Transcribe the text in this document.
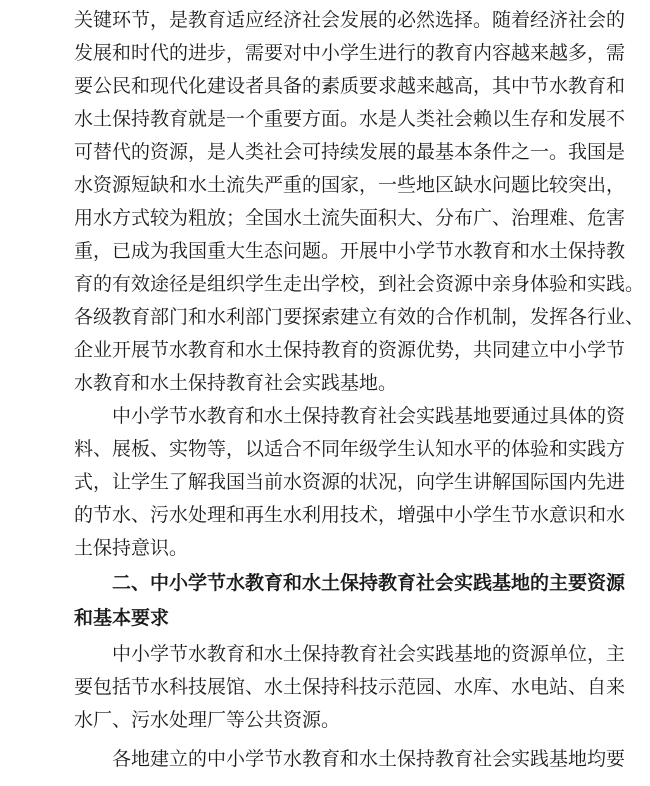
关键环节，是教育适应经济社会发展的必然选择。随着经济社会的
发展和时代的进步，需要对中小学生进行的教育内容越来越多，需
要公民和现代化建设者具备的素质要求越来越高，其中节水教育和
水土保持教育就是一个重要方面。水是人类社会赖以生存和发展不
可替代的资源，是人类社会可持续发展的最基本条件之一。我国是
水资源短缺和水土流失严重的国家，一些地区缺水问题比较突出，
用水方式较为粗放；全国水土流失面积大、分布广、治理难、危害
重，已成为我国重大生态问题。开展中小学节水教育和水土保持教
育的有效途径是组织学生走出学校，到社会资源中亲身体验和实践。
各级教育部门和水利部门要探索建立有效的合作机制，发挥各行业、
企业开展节水教育和水土保持教育的资源优势，共同建立中小学节
水教育和水土保持教育社会实践基地。
中小学节水教育和水土保持教育社会实践基地要通过具体的资
料、展板、实物等，以适合不同年级学生认知水平的体验和实践方
式，让学生了解我国当前水资源的状况，向学生讲解国际国内先进
的节水、污水处理和再生水利用技术，增强中小学生节水意识和水
土保持意识。
二、中小学节水教育和水土保持教育社会实践基地的主要资源
和基本要求
中小学节水教育和水土保持教育社会实践基地的资源单位，主
要包括节水科技展馆、水土保持科技示范园、水库、水电站、自来
水厂、污水处理厂等公共资源。
各地建立的中小学节水教育和水土保持教育社会实践基地均要
